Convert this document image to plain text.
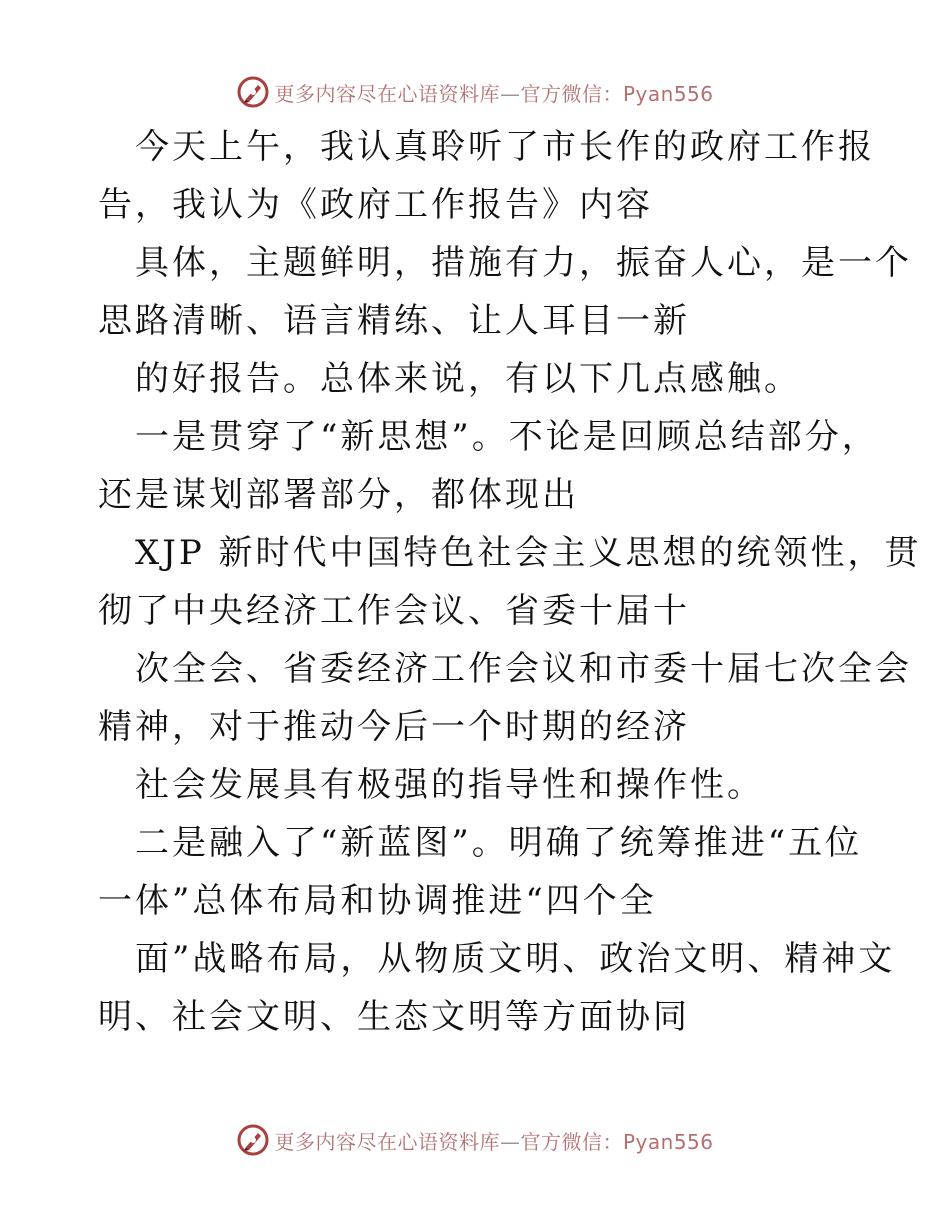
更多内容尽在心语资料库—官方微信：Pyan556

今天上午，我认真聆听了市长作的政府工作报
告，我认为《政府工作报告》内容

具体，主题鲜明，措施有力，振奋人心，是一个
思路清晰、语言精练、让人耳目一新

的好报告。总体来说，有以下几点感触。

一是贯穿了“新思想”。不论是回顾总结部分，
还是谋划部署部分，都体现出

XJP 新时代中国特色社会主义思想的统领性，贯
彻了中央经济工作会议、省委十届十

次全会、省委经济工作会议和市委十届七次全会
精神，对于推动今后一个时期的经济

社会发展具有极强的指导性和操作性。

二是融入了“新蓝图”。明确了统筹推进“五位
一体”总体布局和协调推进“四个全

面”战略布局，从物质文明、政治文明、精神文
明、社会文明、生态文明等方面协同

更多内容尽在心语资料库—官方微信：Pyan556
